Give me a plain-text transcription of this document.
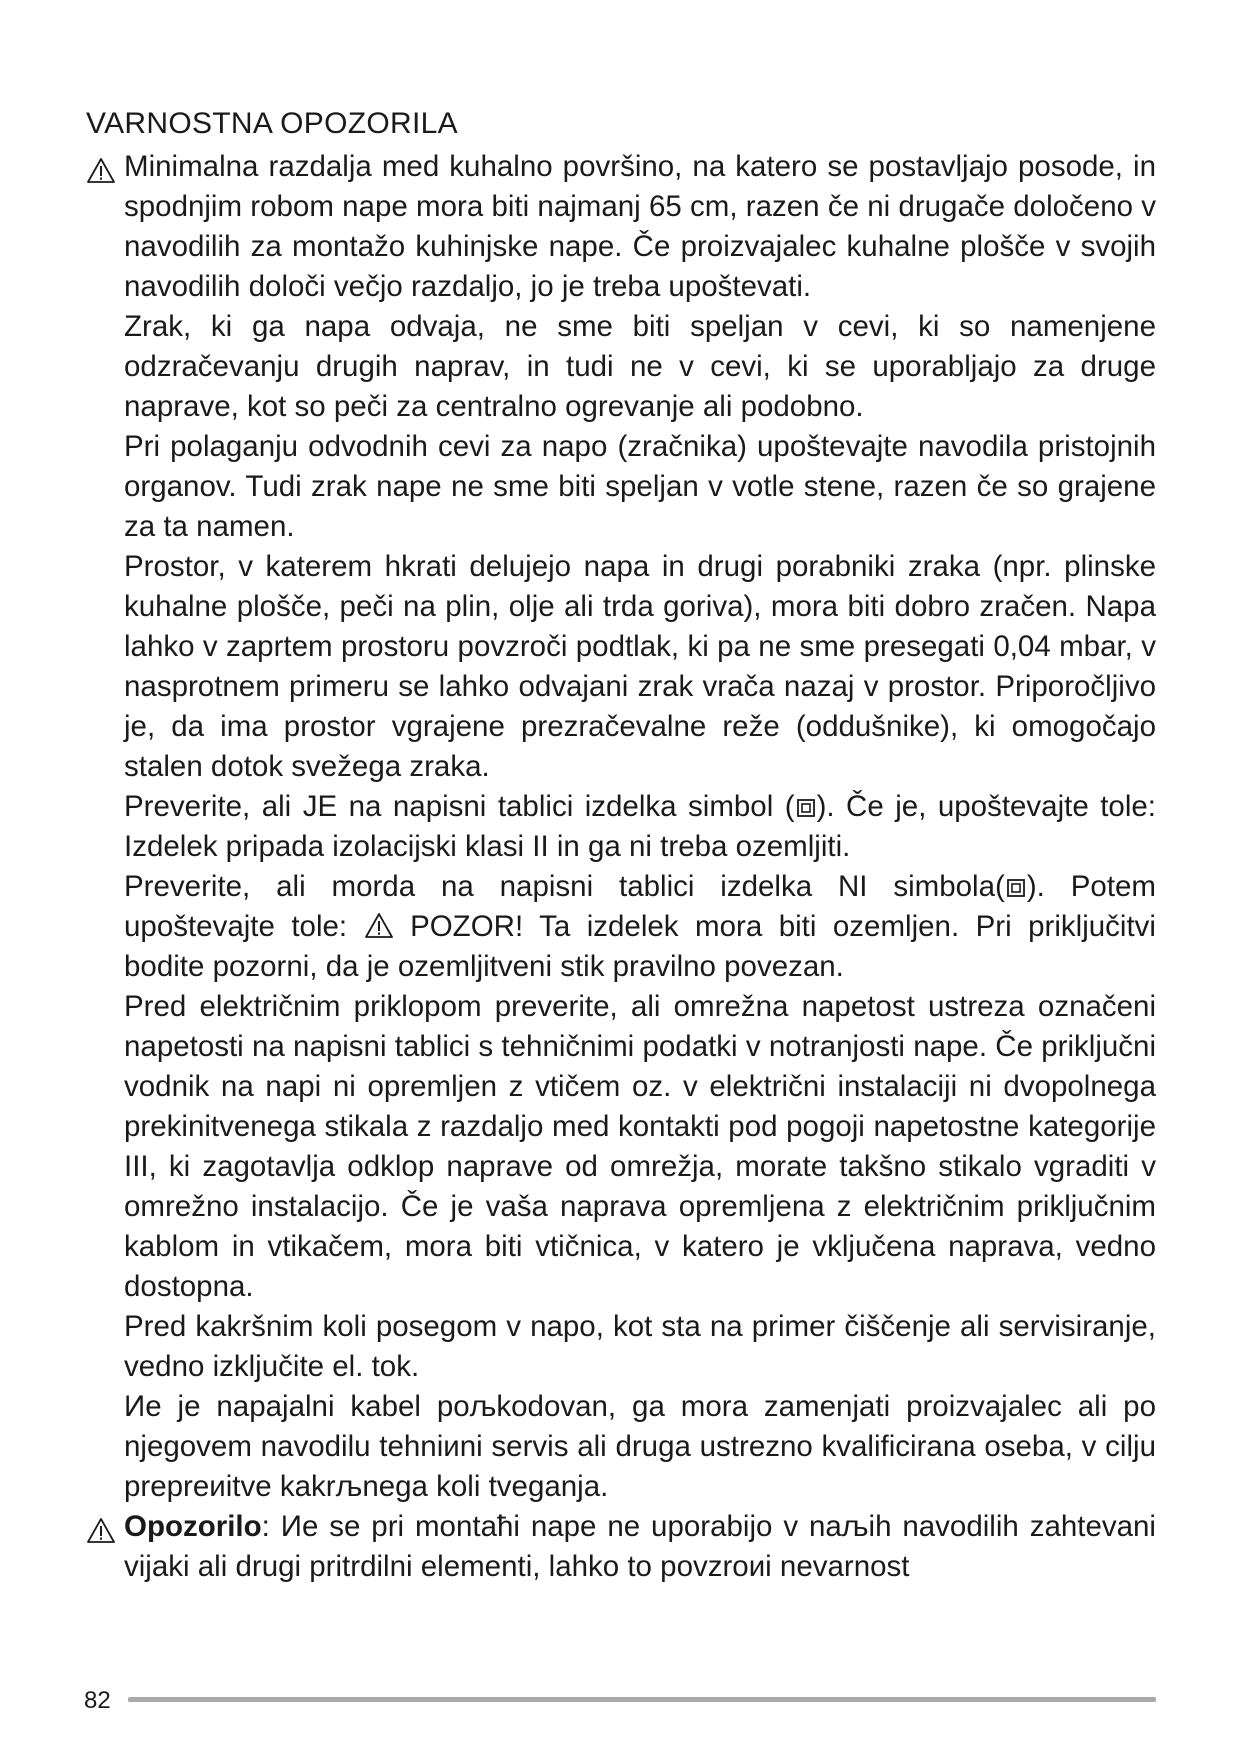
VARNOSTNA OPOZORILA

Minimalna razdalja med kuhalno površino, na katero se postavljajo posode, in spodnjim robom nape mora biti najmanj 65 cm, razen če ni drugače določeno v navodilih za montažo kuhinjske nape. Če proizvajalec kuhalne plošče v svojih navodilih določi večjo razdaljo, jo je treba upoštevati.

Zrak, ki ga napa odvaja, ne sme biti speljan v cevi, ki so namenjene odzračevanju drugih naprav, in tudi ne v cevi, ki se uporabljajo za druge naprave, kot so peči za centralno ogrevanje ali podobno.

Pri polaganju odvodnih cevi za napo (zračnika) upoštevajte navodila pristojnih organov. Tudi zrak nape ne sme biti speljan v votle stene, razen če so grajene za ta namen.

Prostor, v katerem hkrati delujejo napa in drugi porabniki zraka (npr. plinske kuhalne plošče, peči na plin, olje ali trda goriva), mora biti dobro zračen. Napa lahko v zaprtem prostoru povzroči podtlak, ki pa ne sme presegati 0,04 mbar, v nasprotnem primeru se lahko odvajani zrak vrača nazaj v prostor. Priporočljivo je, da ima prostor vgrajene prezračevalne reže (oddušnike), ki omogočajo stalen dotok svežega zraka.

Preverite, ali JE na napisni tablici izdelka simbol ( ). Če je, upoštevajte tole: Izdelek pripada izolacijski klasi II in ga ni treba ozemljiti.

Preverite, ali morda na napisni tablici izdelka NI simbola( ). Potem upoštevajte tole:  POZOR! Ta izdelek mora biti ozemljen. Pri priključitvi bodite pozorni, da je ozemljitveni stik pravilno povezan.

Pred električnim priklopom preverite, ali omrežna napetost ustreza označeni napetosti na napisni tablici s tehničnimi podatki v notranjosti nape. Če priključni vodnik na napi ni opremljen z vtičem oz. v električni instalaciji ni dvopolnega prekinitvenega stikala z razdaljo med kontakti pod pogoji napetostne kategorije III, ki zagotavlja odklop naprave od omrežja, morate takšno stikalo vgraditi v omrežno instalacijo. Če je vaša naprava opremljena z električnim priključnim kablom in vtikačem, mora biti vtičnica, v katero je vključena naprava, vedno dostopna.

Pred kakršnim koli posegom v napo, kot sta na primer čiščenje ali servisiranje, vedno izključite el. tok.

Иe je napajalni kabel poљkodovan, ga mora zamenjati proizvajalec ali po njegovem navodilu tehniиni servis ali druga ustrezno kvalificirana oseba, v cilju prepreиitve kakrљnega koli tveganja.

Opozorilo: Иe se pri montaћi nape ne uporabijo v naљih navodilih zahtevani vijaki ali drugi pritrdilni elementi, lahko to povzroиi nevarnost

82
